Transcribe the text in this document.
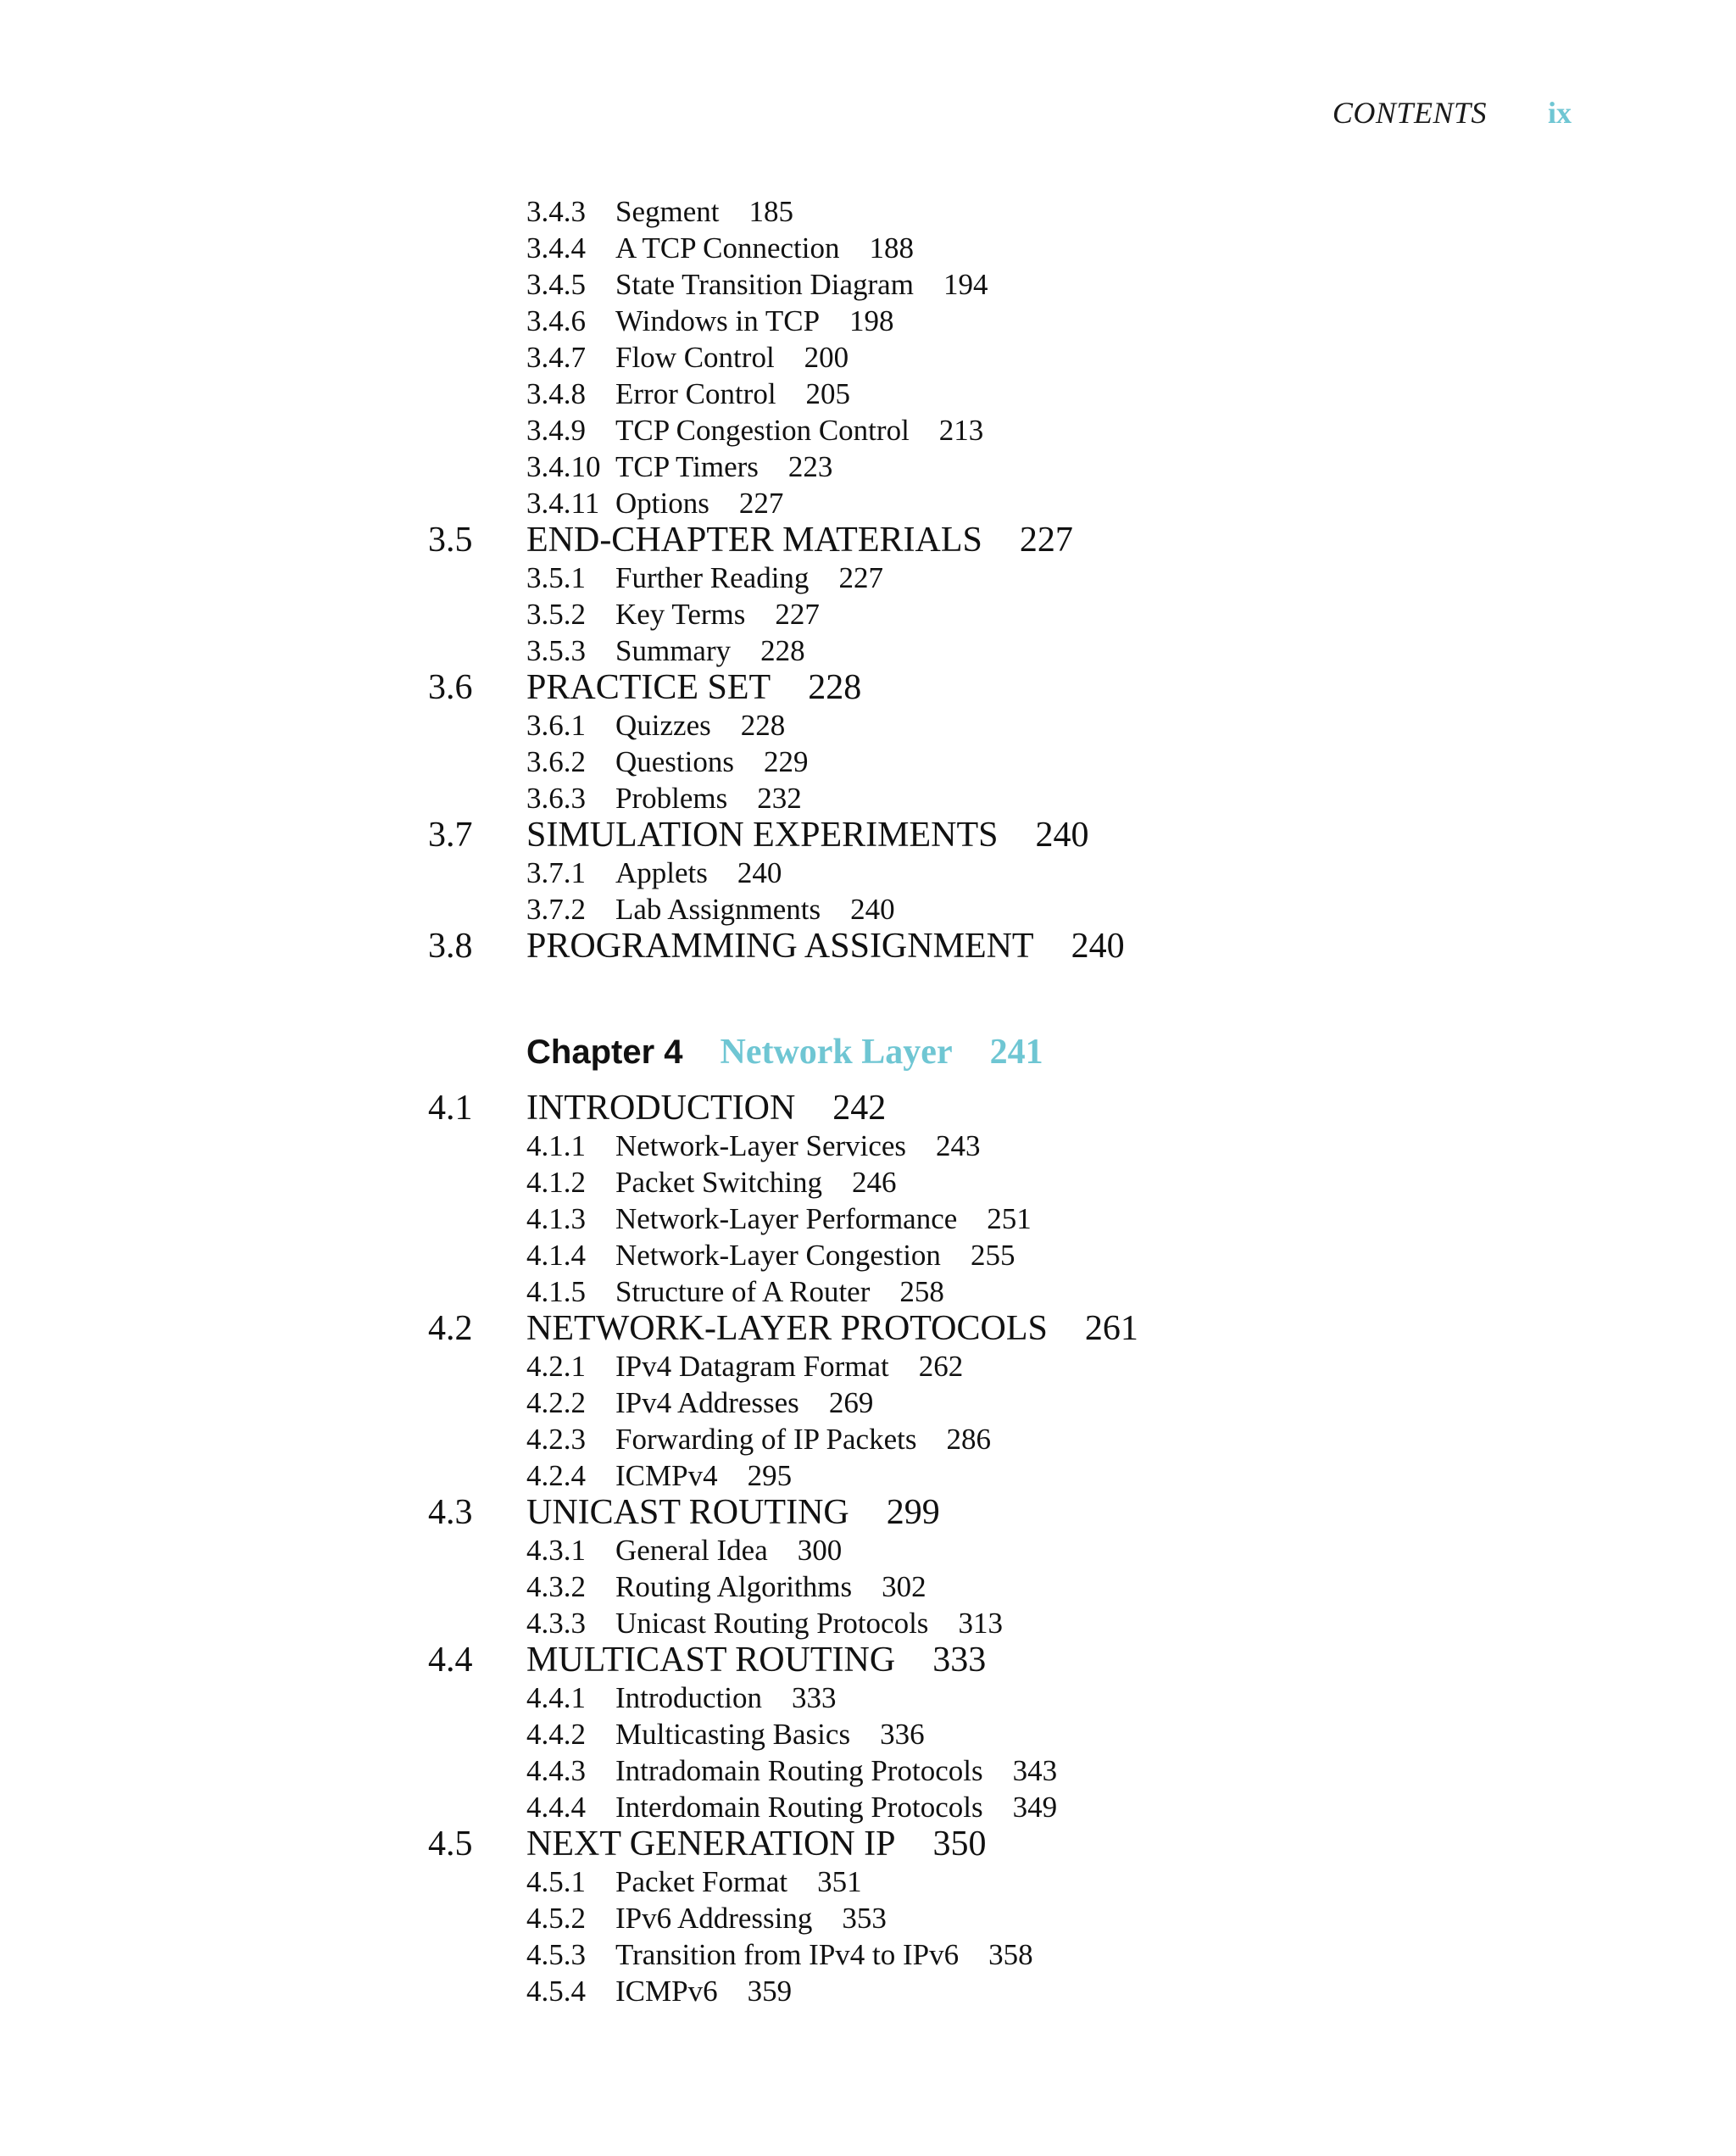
CONTENTS ix
3.4.3	Segment 185
3.4.4	A TCP Connection 188
3.4.5	State Transition Diagram 194
3.4.6	Windows in TCP 198
3.4.7	Flow Control 200
3.4.8	Error Control 205
3.4.9	TCP Congestion Control 213
3.4.10 TCP Timers 223
3.4.11 Options 227
3.5	END-CHAPTER MATERIALS 227
3.5.1	Further Reading 227
3.5.2	Key Terms 227
3.5.3	Summary 228
3.6	PRACTICE SET 228
3.6.1	Quizzes 228
3.6.2	Questions 229
3.6.3	Problems 232
3.7	SIMULATION EXPERIMENTS 240
3.7.1	Applets 240
3.7.2	Lab Assignments 240
3.8	PROGRAMMING ASSIGNMENT 240
Chapter 4 Network Layer 241
4.1	INTRODUCTION 242
4.1.1	Network-Layer Services 243
4.1.2	Packet Switching 246
4.1.3	Network-Layer Performance 251
4.1.4	Network-Layer Congestion 255
4.1.5	Structure of A Router 258
4.2	NETWORK-LAYER PROTOCOLS 261
4.2.1	IPv4 Datagram Format 262
4.2.2	IPv4 Addresses 269
4.2.3	Forwarding of IP Packets 286
4.2.4	ICMPv4 295
4.3	UNICAST ROUTING 299
4.3.1	General Idea 300
4.3.2	Routing Algorithms 302
4.3.3	Unicast Routing Protocols 313
4.4	MULTICAST ROUTING 333
4.4.1	Introduction 333
4.4.2	Multicasting Basics 336
4.4.3	Intradomain Routing Protocols 343
4.4.4	Interdomain Routing Protocols 349
4.5	NEXT GENERATION IP 350
4.5.1	Packet Format 351
4.5.2	IPv6 Addressing 353
4.5.3	Transition from IPv4 to IPv6 358
4.5.4	ICMPv6 359
